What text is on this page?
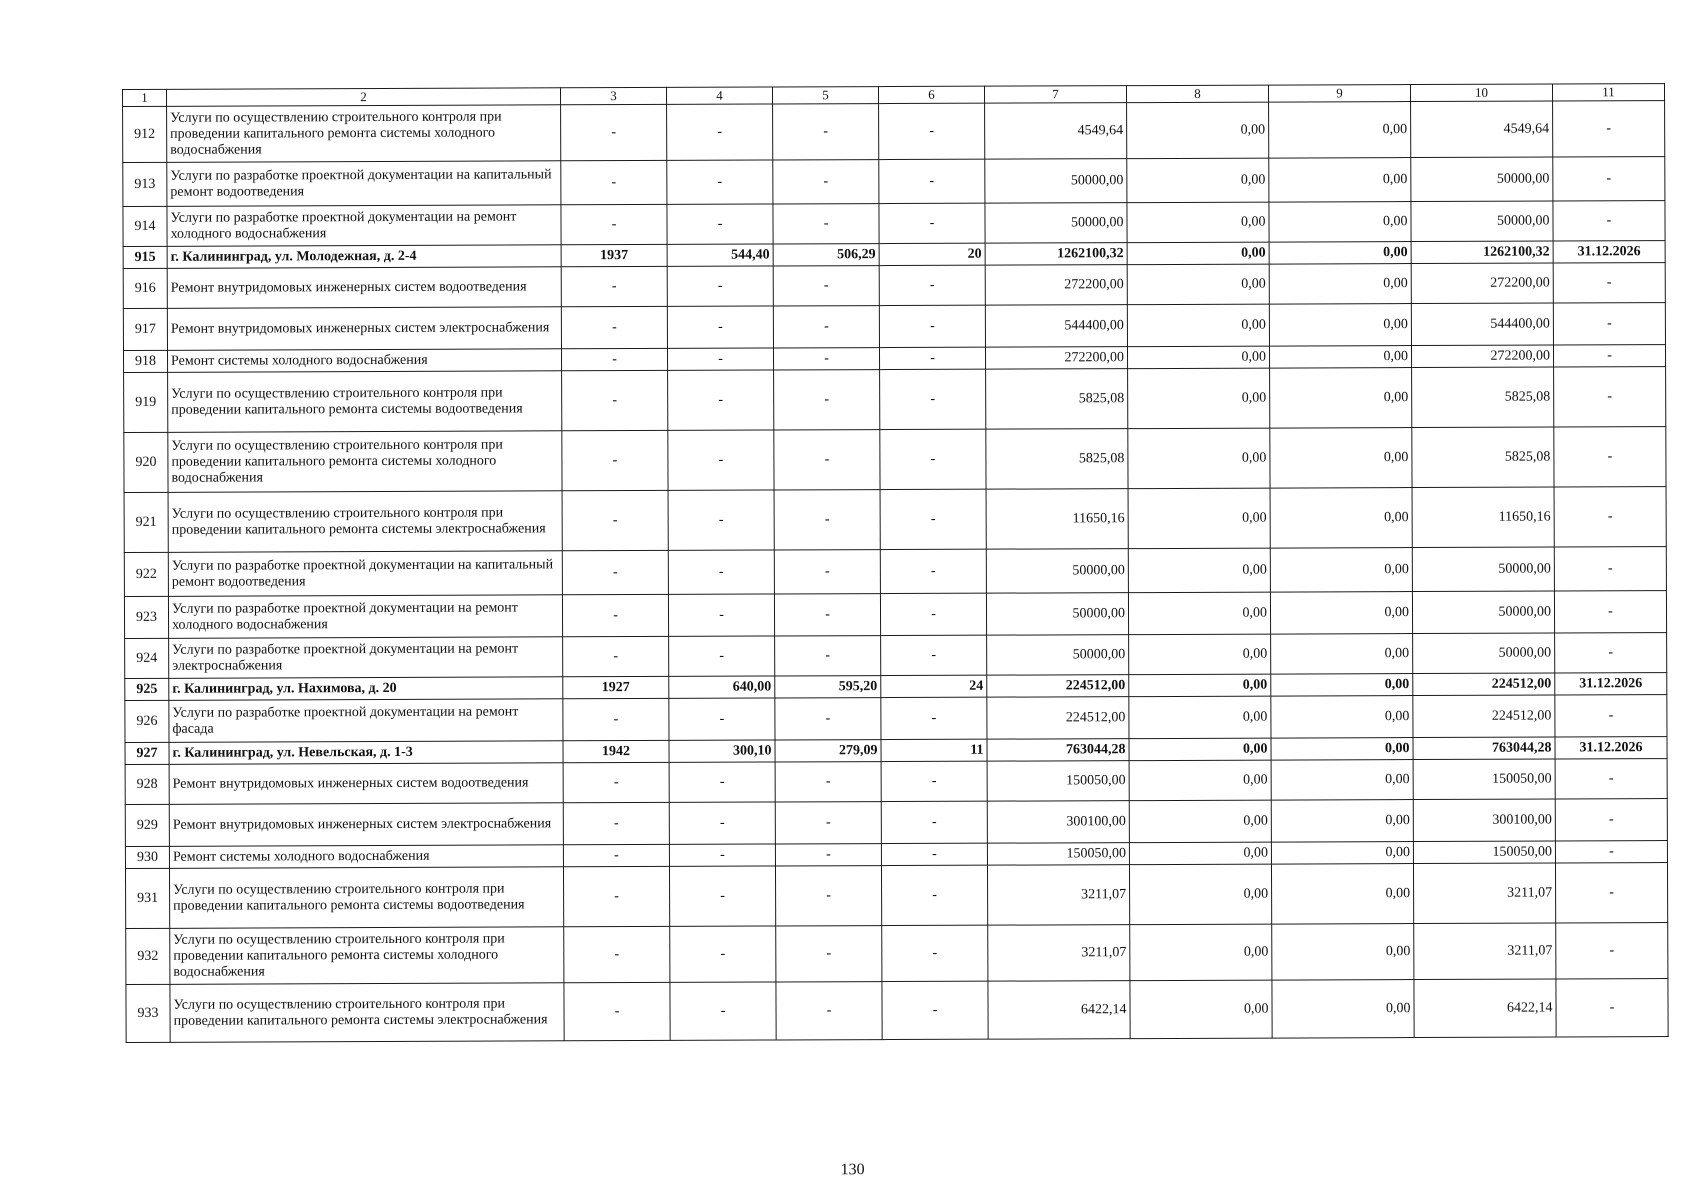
1	2	3	4	5	6	7	8	9	10	11
912	Услуги по осуществлению строительного контроля при проведении капитального ремонта системы холодного водоснабжения	-	-	-	-	4549,64	0,00	0,00	4549,64	-
913	Услуги по разработке проектной документации на капитальный ремонт водоотведения	-	-	-	-	50000,00	0,00	0,00	50000,00	-
914	Услуги по разработке проектной документации на ремонт холодного водоснабжения	-	-	-	-	50000,00	0,00	0,00	50000,00	-
915	г. Калининград, ул. Молодежная, д. 2-4	1937	544,40	506,29	20	1262100,32	0,00	0,00	1262100,32	31.12.2026
916	Ремонт внутридомовых инженерных систем водоотведения	-	-	-	-	272200,00	0,00	0,00	272200,00	-
917	Ремонт внутридомовых инженерных систем электроснабжения	-	-	-	-	544400,00	0,00	0,00	544400,00	-
918	Ремонт системы холодного водоснабжения	-	-	-	-	272200,00	0,00	0,00	272200,00	-
919	Услуги по осуществлению строительного контроля при проведении капитального ремонта системы водоотведения	-	-	-	-	5825,08	0,00	0,00	5825,08	-
920	Услуги по осуществлению строительного контроля при проведении капитального ремонта системы холодного водоснабжения	-	-	-	-	5825,08	0,00	0,00	5825,08	-
921	Услуги по осуществлению строительного контроля при проведении капитального ремонта системы электроснабжения	-	-	-	-	11650,16	0,00	0,00	11650,16	-
922	Услуги по разработке проектной документации на капитальный ремонт водоотведения	-	-	-	-	50000,00	0,00	0,00	50000,00	-
923	Услуги по разработке проектной документации на ремонт холодного водоснабжения	-	-	-	-	50000,00	0,00	0,00	50000,00	-
924	Услуги по разработке проектной документации на ремонт электроснабжения	-	-	-	-	50000,00	0,00	0,00	50000,00	-
925	г. Калининград, ул. Нахимова, д. 20	1927	640,00	595,20	24	224512,00	0,00	0,00	224512,00	31.12.2026
926	Услуги по разработке проектной документации на ремонт фасада	-	-	-	-	224512,00	0,00	0,00	224512,00	-
927	г. Калининград, ул. Невельская, д. 1-3	1942	300,10	279,09	11	763044,28	0,00	0,00	763044,28	31.12.2026
928	Ремонт внутридомовых инженерных систем водоотведения	-	-	-	-	150050,00	0,00	0,00	150050,00	-
929	Ремонт внутридомовых инженерных систем электроснабжения	-	-	-	-	300100,00	0,00	0,00	300100,00	-
930	Ремонт системы холодного водоснабжения	-	-	-	-	150050,00	0,00	0,00	150050,00	-
931	Услуги по осуществлению строительного контроля при проведении капитального ремонта системы водоотведения	-	-	-	-	3211,07	0,00	0,00	3211,07	-
932	Услуги по осуществлению строительного контроля при проведении капитального ремонта системы холодного водоснабжения	-	-	-	-	3211,07	0,00	0,00	3211,07	-
933	Услуги по осуществлению строительного контроля при проведении капитального ремонта системы электроснабжения	-	-	-	-	6422,14	0,00	0,00	6422,14	-
130
